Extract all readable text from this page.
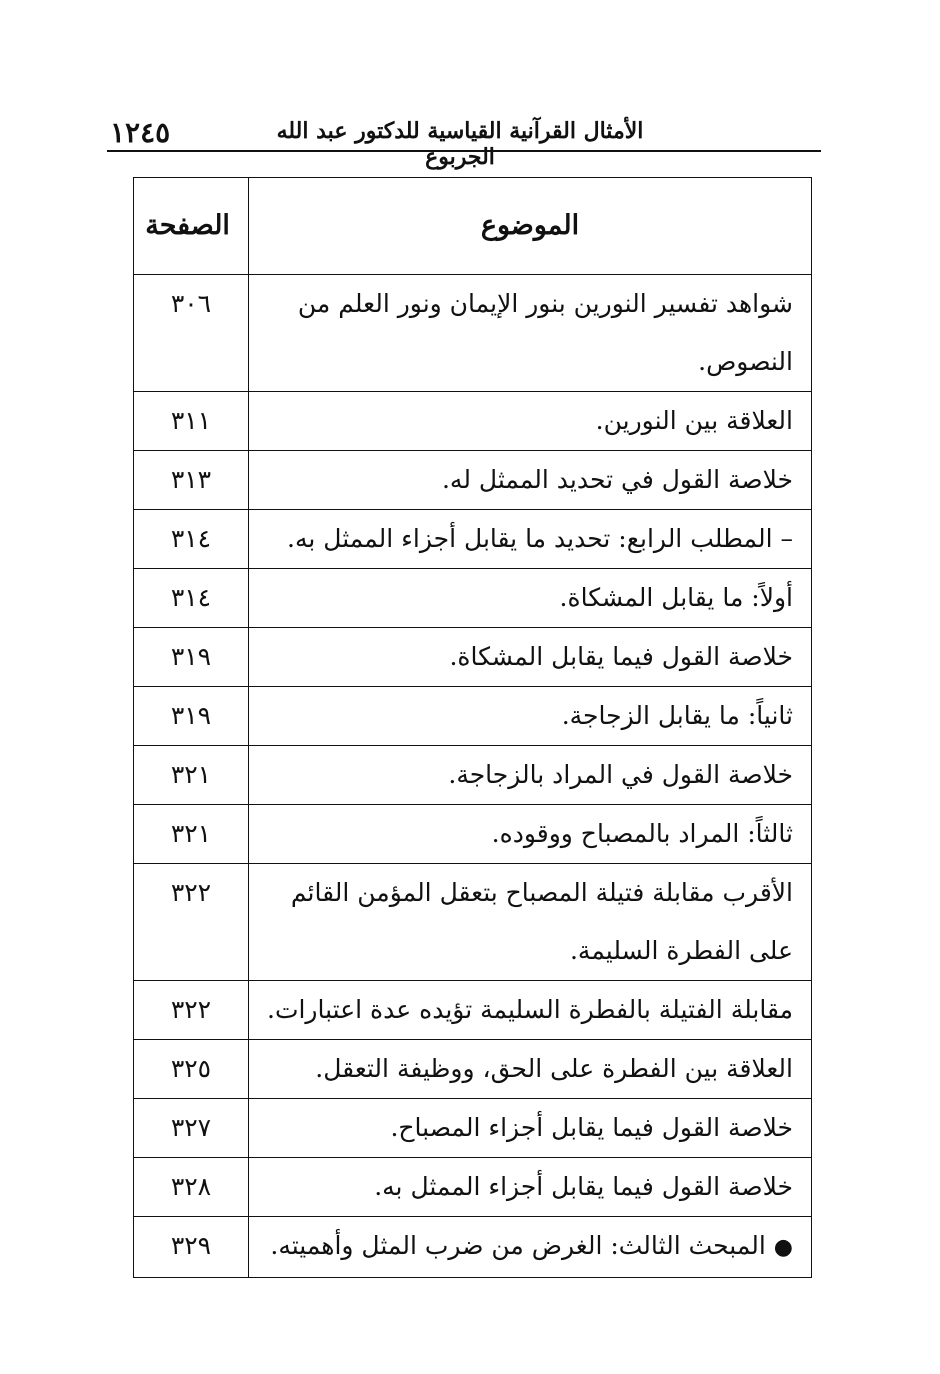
١٢٤٥	الأمثال القرآنية القياسية للدكتور عبد الله الجربوع
الموضوع	الصفحة
شواهد تفسير النورين بنور الإيمان ونور العلم من النصوص.	٣٠٦
العلاقة بين النورين.	٣١١
خلاصة القول في تحديد الممثل له.	٣١٣
– المطلب الرابع: تحديد ما يقابل أجزاء الممثل به.	٣١٤
أولاً: ما يقابل المشكاة.	٣١٤
خلاصة القول فيما يقابل المشكاة.	٣١٩
ثانياً: ما يقابل الزجاجة.	٣١٩
خلاصة القول في المراد بالزجاجة.	٣٢١
ثالثاً: المراد بالمصباح ووقوده.	٣٢١
الأقرب مقابلة فتيلة المصباح بتعقل المؤمن القائم على الفطرة السليمة.	٣٢٢
مقابلة الفتيلة بالفطرة السليمة تؤيده عدة اعتبارات.	٣٢٢
العلاقة بين الفطرة على الحق، ووظيفة التعقل.	٣٢٥
خلاصة القول فيما يقابل أجزاء المصباح.	٣٢٧
خلاصة القول فيما يقابل أجزاء الممثل به.	٣٢٨
● المبحث الثالث: الغرض من ضرب المثل وأهميته.	٣٢٩
